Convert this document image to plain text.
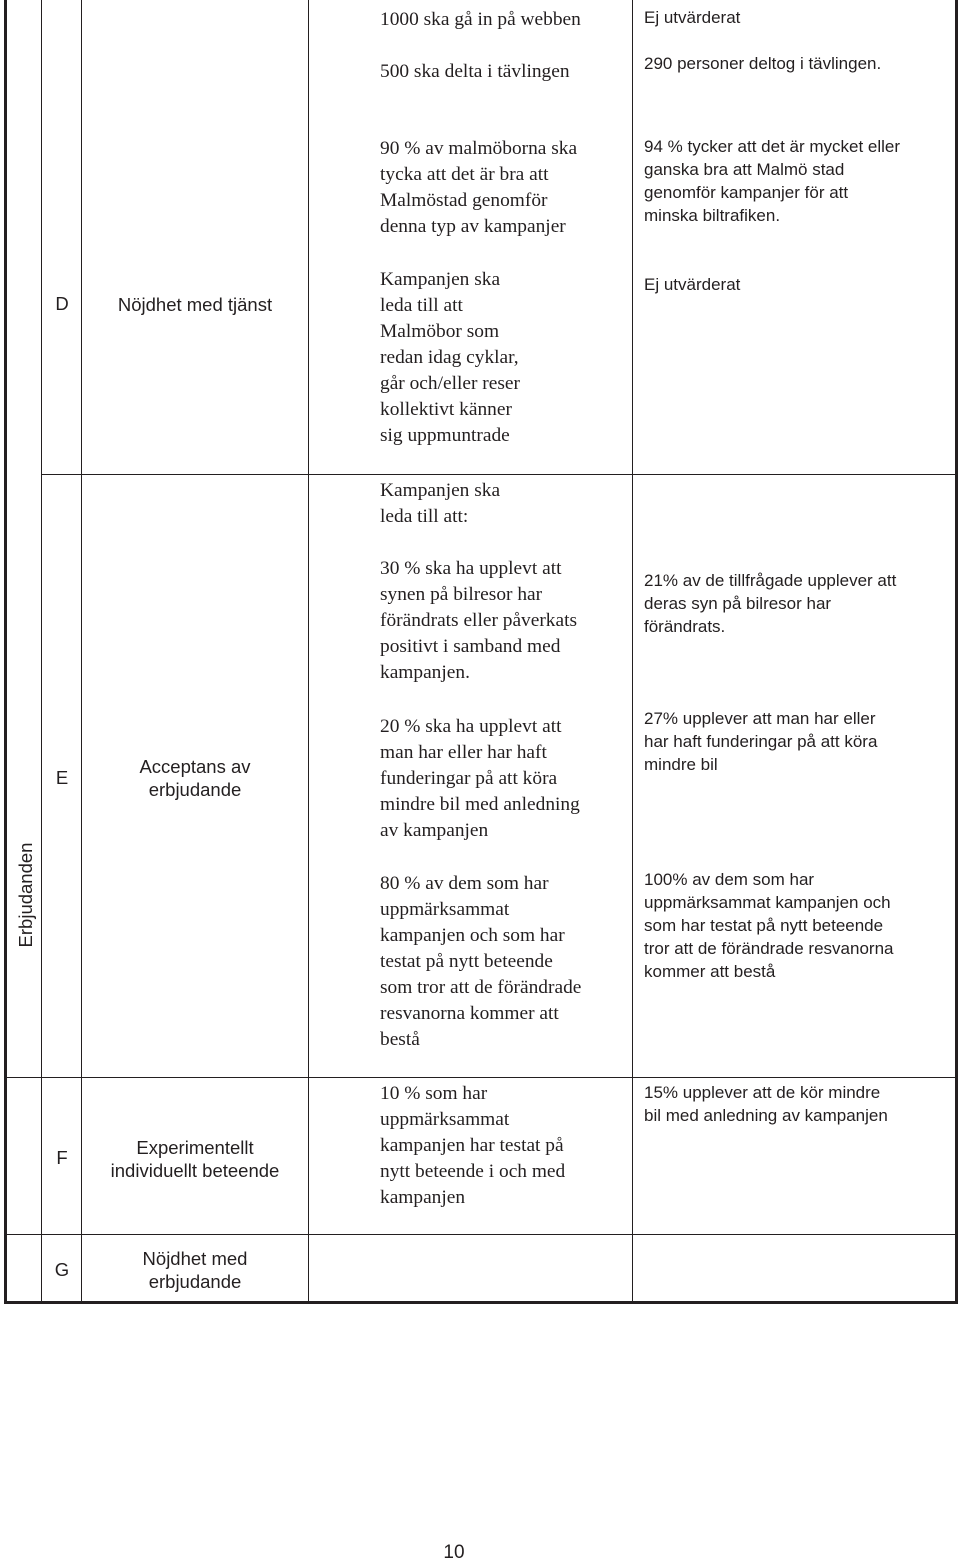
Erbjudanden

1000 ska gå in på webben

500 ska delta i tävlingen

Ej utvärderat

290 personer deltog i tävlingen.

90 % av malmöborna ska
tycka att det är bra att
Malmöstad genomför
denna typ av kampanjer

94 % tycker att det är mycket eller
ganska bra att Malmö stad
genomför kampanjer för att
minska biltrafiken.

D	Nöjdhet med tjänst

Kampanjen ska
leda till att
Malmöbor som
redan idag cyklar,
går och/eller reser
kollektivt känner
sig uppmuntrade

Ej utvärderat

E

Acceptans av
erbjudande

Kampanjen ska
leda till att:

30 % ska ha upplevt att
synen på bilresor har
förändrats eller påverkats
positivt i samband med
kampanjen.

21% av de tillfrågade upplever att
deras syn på bilresor har
förändrats.

20 % ska ha upplevt att
man har eller har haft
funderingar på att köra
mindre bil med anledning
av kampanjen

27% upplever att man har eller
har haft funderingar på att köra
mindre bil

80 % av dem som har
uppmärksammat
kampanjen och som har
testat på nytt beteende
som tror att de förändrade
resvanorna kommer att
bestå

100% av dem som har
uppmärksammat kampanjen och
som har testat på nytt beteende
tror att de förändrade resvanorna
kommer att bestå

F	Experimentellt
individuellt beteende

10 % som har
uppmärksammat
kampanjen har testat på
nytt beteende i och med
kampanjen

15% upplever att de kör mindre
bil med anledning av kampanjen

G

Nöjdhet med
erbjudande

10
